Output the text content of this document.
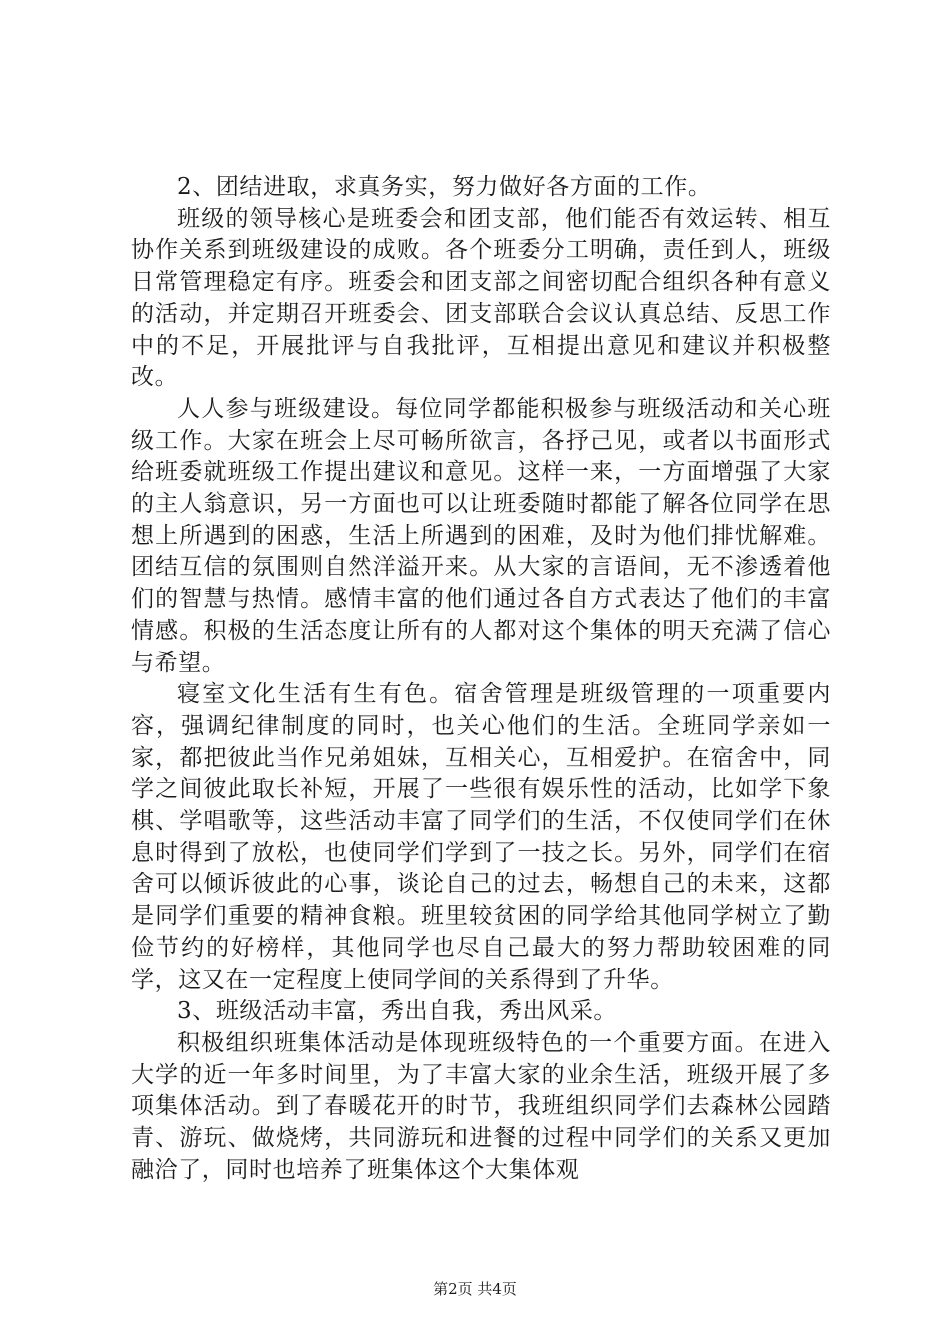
2、团结进取，求真务实，努力做好各方面的工作。

班级的领导核心是班委会和团支部，他们能否有效运转、相互协作关系到班级建设的成败。各个班委分工明确，责任到人，班级日常管理稳定有序。班委会和团支部之间密切配合组织各种有意义的活动，并定期召开班委会、团支部联合会议认真总结、反思工作中的不足，开展批评与自我批评，互相提出意见和建议并积极整改。

人人参与班级建设。每位同学都能积极参与班级活动和关心班级工作。大家在班会上尽可畅所欲言，各抒己见，或者以书面形式给班委就班级工作提出建议和意见。这样一来，一方面增强了大家的主人翁意识，另一方面也可以让班委随时都能了解各位同学在思想上所遇到的困惑，生活上所遇到的困难，及时为他们排忧解难。团结互信的氛围则自然洋溢开来。从大家的言语间，无不渗透着他们的智慧与热情。感情丰富的他们通过各自方式表达了他们的丰富情感。积极的生活态度让所有的人都对这个集体的明天充满了信心与希望。

寝室文化生活有生有色。宿舍管理是班级管理的一项重要内容，强调纪律制度的同时，也关心他们的生活。全班同学亲如一家，都把彼此当作兄弟姐妹，互相关心，互相爱护。在宿舍中，同学之间彼此取长补短，开展了一些很有娱乐性的活动，比如学下象棋、学唱歌等，这些活动丰富了同学们的生活，不仅使同学们在休息时得到了放松，也使同学们学到了一技之长。另外，同学们在宿舍可以倾诉彼此的心事，谈论自己的过去，畅想自己的未来，这都是同学们重要的精神食粮。班里较贫困的同学给其他同学树立了勤俭节约的好榜样，其他同学也尽自己最大的努力帮助较困难的同学，这又在一定程度上使同学间的关系得到了升华。

3、班级活动丰富，秀出自我，秀出风采。

积极组织班集体活动是体现班级特色的一个重要方面。在进入大学的近一年多时间里，为了丰富大家的业余生活，班级开展了多项集体活动。到了春暖花开的时节，我班组织同学们去森林公园踏青、游玩、做烧烤，共同游玩和进餐的过程中同学们的关系又更加融洽了，同时也培养了班集体这个大集体观

第2页 共4页
